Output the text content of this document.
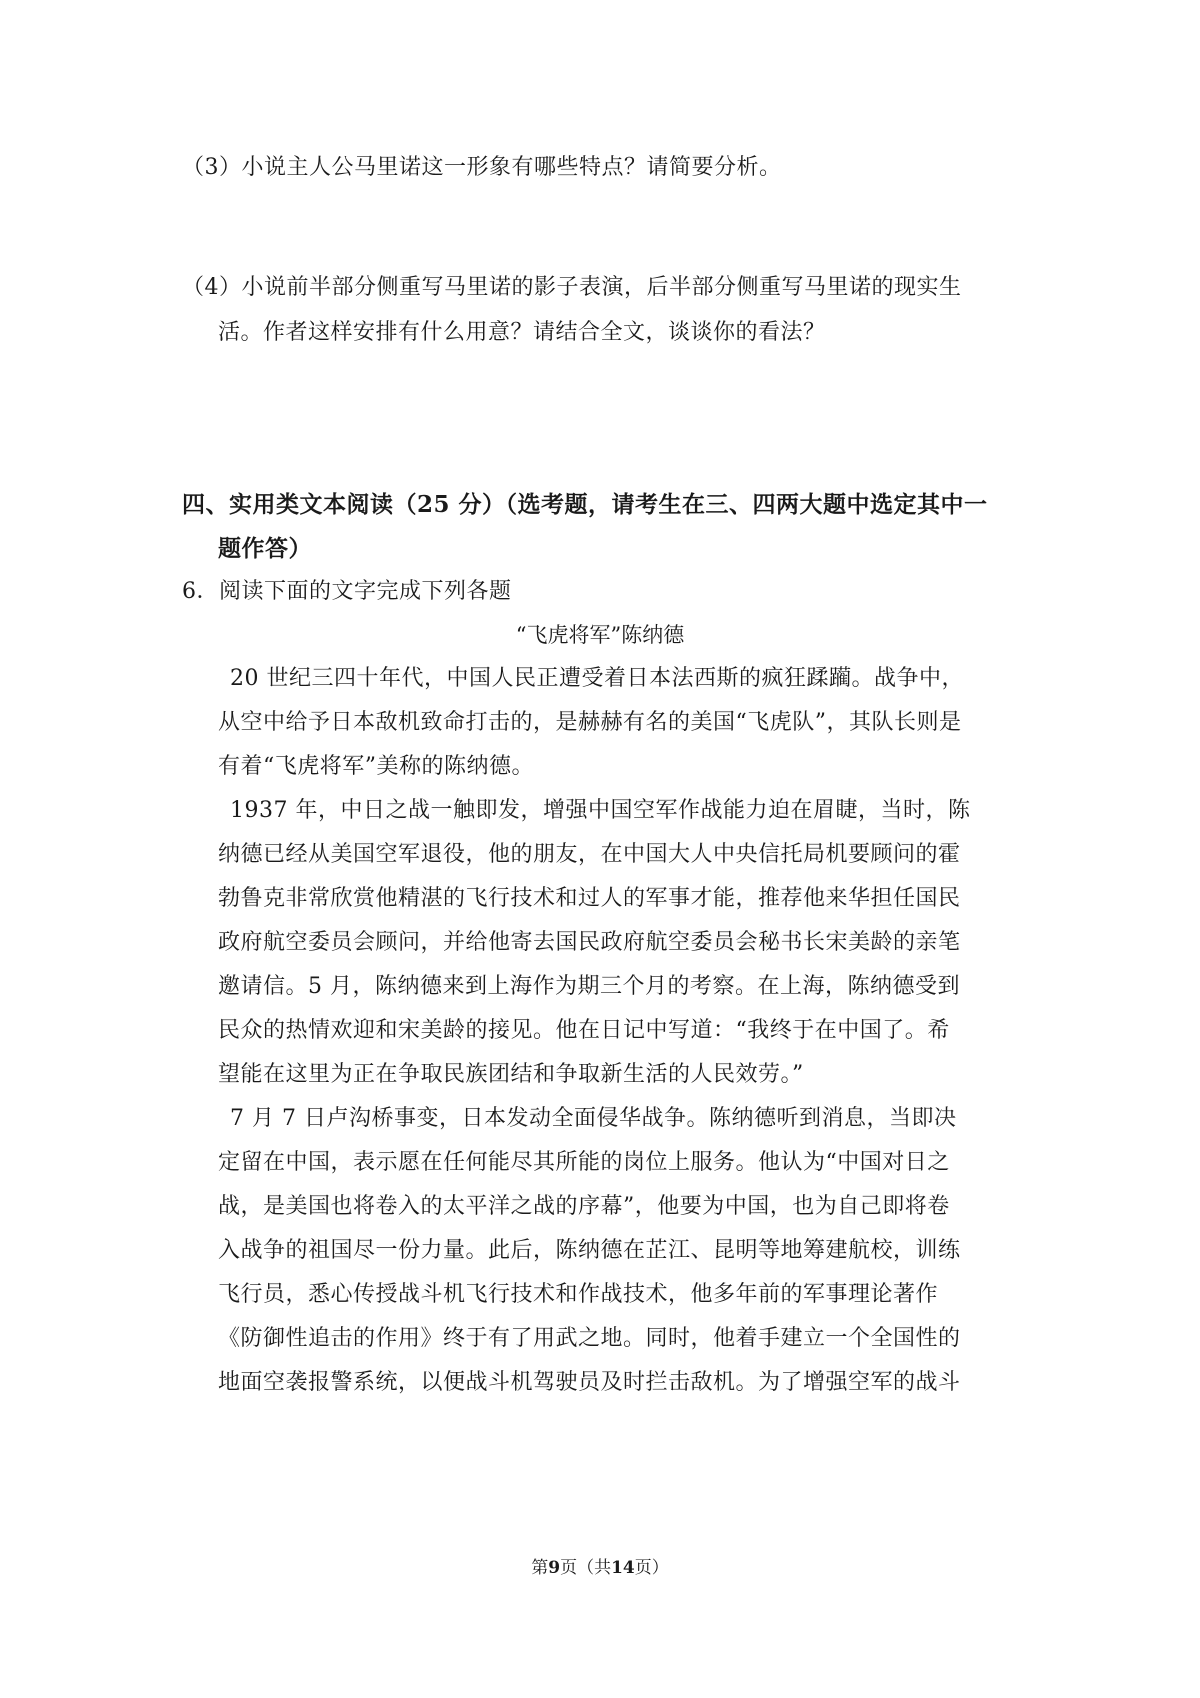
（3）小说主人公马里诺这一形象有哪些特点？请简要分析。
（4）小说前半部分侧重写马里诺的影子表演，后半部分侧重写马里诺的现实生
活。作者这样安排有什么用意？请结合全文，谈谈你的看法？
四、实用类文本阅读（25 分）（选考题，请考生在三、四两大题中选定其中一
题作答）
6．阅读下面的文字完成下列各题
“飞虎将军”陈纳德
20 世纪三四十年代，中国人民正遭受着日本法西斯的疯狂蹂躏。战争中，
从空中给予日本敌机致命打击的，是赫赫有名的美国“飞虎队”，其队长则是
有着“飞虎将军”美称的陈纳德。
1937 年，中日之战一触即发，增强中国空军作战能力迫在眉睫，当时，陈
纳德已经从美国空军退役，他的朋友，在中国大人中央信托局机要顾问的霍
勃鲁克非常欣赏他精湛的飞行技术和过人的军事才能，推荐他来华担任国民
政府航空委员会顾问，并给他寄去国民政府航空委员会秘书长宋美龄的亲笔
邀请信。5 月，陈纳德来到上海作为期三个月的考察。在上海，陈纳德受到
民众的热情欢迎和宋美龄的接见。他在日记中写道：“我终于在中国了。希
望能在这里为正在争取民族团结和争取新生活的人民效劳。”
7 月 7 日卢沟桥事变，日本发动全面侵华战争。陈纳德听到消息，当即决
定留在中国，表示愿在任何能尽其所能的岗位上服务。他认为“中国对日之
战，是美国也将卷入的太平洋之战的序幕”，他要为中国，也为自己即将卷
入战争的祖国尽一份力量。此后，陈纳德在芷江、昆明等地筹建航校，训练
飞行员，悉心传授战斗机飞行技术和作战技术，他多年前的军事理论著作
《防御性追击的作用》终于有了用武之地。同时，他着手建立一个全国性的
地面空袭报警系统，以便战斗机驾驶员及时拦击敌机。为了增强空军的战斗
第9页（共14页）
